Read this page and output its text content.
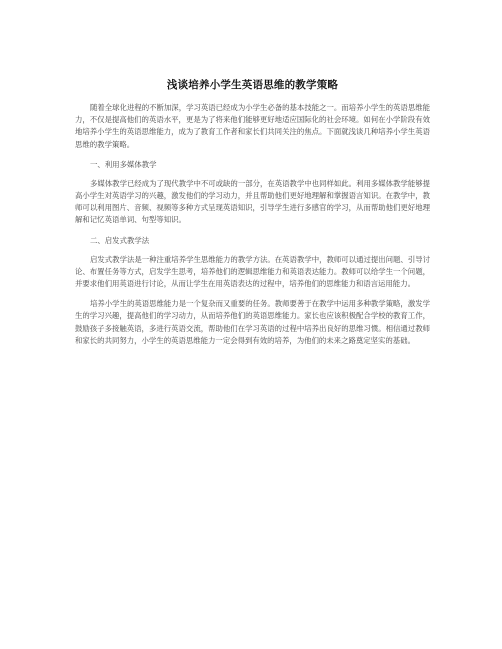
浅谈培养小学生英语思维的教学策略

随着全球化进程的不断加深，学习英语已经成为小学生必备的基本技能之一。而培养小学生的英语思维能力，不仅是提高他们的英语水平，更是为了将来他们能够更好地适应国际化的社会环境。如何在小学阶段有效地培养小学生的英语思维能力，成为了教育工作者和家长们共同关注的焦点。下面就浅谈几种培养小学生英语思维的教学策略。

一、利用多媒体教学

多媒体教学已经成为了现代教学中不可或缺的一部分，在英语教学中也同样如此。利用多媒体教学能够提高小学生对英语学习的兴趣，激发他们的学习动力，并且帮助他们更好地理解和掌握语言知识。在教学中，教师可以利用图片、音频、视频等多种方式呈现英语知识，引导学生进行多感官的学习，从而帮助他们更好地理解和记忆英语单词、句型等知识。

二、启发式教学法

启发式教学法是一种注重培养学生思维能力的教学方法。在英语教学中，教师可以通过提出问题、引导讨论、布置任务等方式，启发学生思考，培养他们的逻辑思维能力和英语表达能力。教师可以给学生一个问题，并要求他们用英语进行讨论，从而让学生在用英语表达的过程中，培养他们的思维能力和语言运用能力。

培养小学生的英语思维能力是一个复杂而又重要的任务。教师要善于在教学中运用多种教学策略，激发学生的学习兴趣，提高他们的学习动力，从而培养他们的英语思维能力。家长也应该积极配合学校的教育工作，鼓励孩子多接触英语，多进行英语交流，帮助他们在学习英语的过程中培养出良好的思维习惯。相信通过教师和家长的共同努力，小学生的英语思维能力一定会得到有效的培养，为他们的未来之路奠定坚实的基础。
